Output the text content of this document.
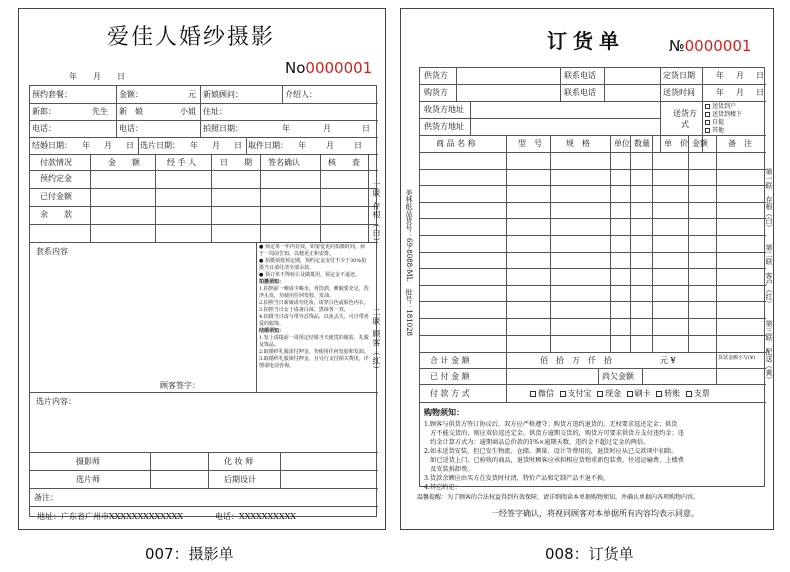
爱佳人婚纱摄影
No0000001
年　　月　　日
预约套餐：	金额：	元 新娘顾问：	介绍人：
新郎：	先生 新　娘	小姐 住址：
电话：	电话：	拍照日期：	年	月	日
结婚日期： 年 月 日 选片日期： 年 月 日 取件日期： 年	月	日
付款情况	金　　额	经 手 人	日　　期 签名确认	核　　查
预约定金
已付金额
余　　款
套系内容	● 预定单一年内有效，如要变更的拍摄时间，须于一周前告知，以便更正和安排。
● 拍摄须按预定期，预约定金支付不少于30%拍摄当日请付清全部余款。
● 预订单不得转让及做抵用，预定金不退还。
拍摄须知：
1.拍照前一晚请少喝水，务饮酒，睡眠要充足，洗净头发，勿使用任何发胶、发油。
2.拍照当日新娘请勿化妆，请穿白色或肤色内衣。
3.拍照当日女士请备白袜、黑袜各一双。
4.拍摄当日请与带齐首饰品，以免丢失，可自带喜爱的服饰。
结婚须知：
1.发上请提前一周预定结婚当天租赁的服装，礼服及饰品。
2.取婚纱礼服需付押金，勿使用任何发胶和发油。
3.取婚纱礼服须付押金，且另行支付相关费用，详情请电话咨询。
顾客签字：
选片内容：
摄影师	化 妆 师
选片师	后期设计
备注：
地址：广东省广州市XXXXXXXXXXXXX	电话：XXXXXXXXXX
一联 存根（白）
二联 顾客（红）
007：摄影单
订货单	№0000001
供货方	联系电话	定货日期	年 月 日
购货方	联系电话	送货时间	年 月 日
收货方地址
供货方地址
送货方式
送货到户
送货到楼下
自提
其他
商 品 名 称	型　号	规　格	单位 数量 单　价 金额	备　注
合 计 金 额	佰　拾　万　仟　拾	元 ¥	货款金额小写(¥)
已 付 金 额	尚欠金额
付 款 方 式	微信 支付宝 现金 刷卡 转账 支票
购物须知：
1.顾客与供货方签订协议后，双方应严格遵守；购货方违约退货的，无权要求返还定金；供货
　方不能交货的，则应双倍返还定金，供货方逾期交货的，购货方可要求供货方支付违约金；违
　约金计算方式为：逾期商品总价款的1%×逾期天数，违约金不超过定金的两倍。
2.如未送货安装，但已发生物流、仓储、测量、设计等费用的，退货时应从已交款项中扣除。
　如已送货上门，已验收的商品，退货时顾客应承担相应货物重新包装费，往返运输费、上楼费
　及安装拆卸费。
3.货款余额应由买方在发货时付清，特价产品和定制产品不退不换。
4.其它约定：
温馨提醒：为了顾客的合法权益得到有效保障，请详细阅读本单据购物须知，并确认单据内各项购物内容。
一经签字确认，将视同顾客对本单据所有内容均表示同意。
美林纸品货号：69-8088-ML　批号：181028	第一联　存根（白）
第二联　客户（红）
第三联　配送（黄）
008：订货单
